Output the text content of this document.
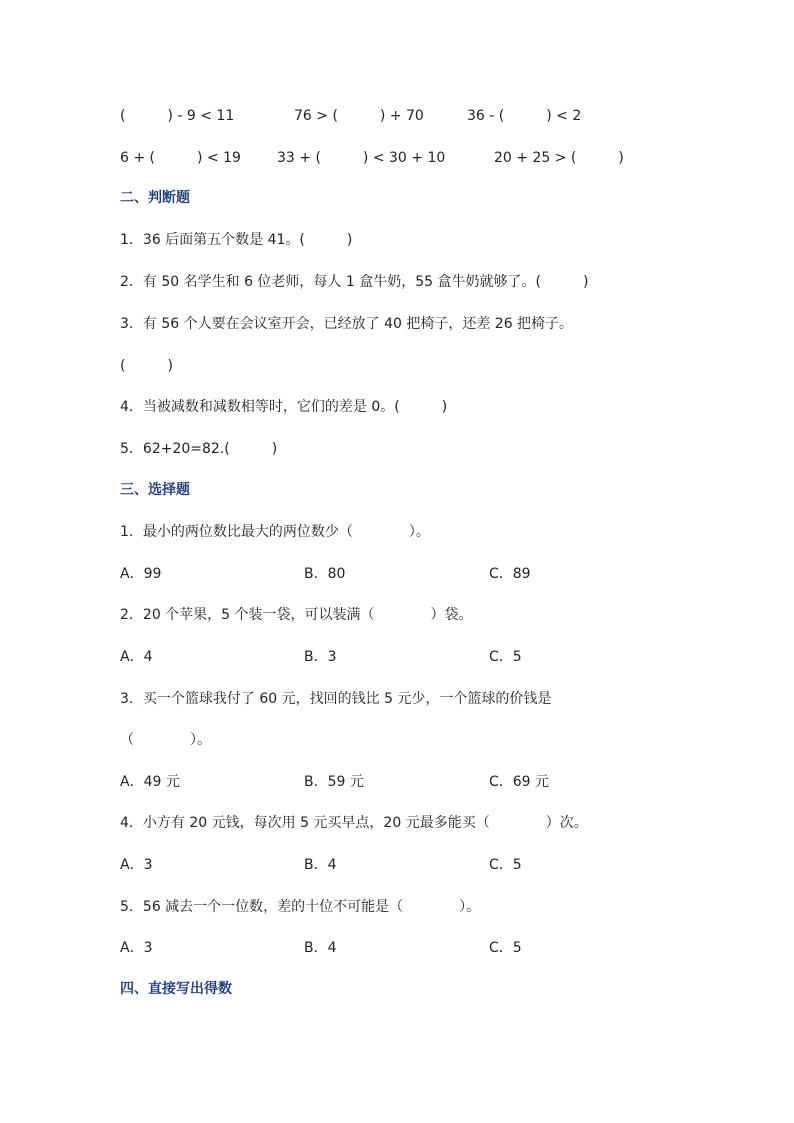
(　　　) - 9 < 11	76 > (　　　) + 70	36 - (　　　) < 2
6 + (　　　) < 19	33 + (　　　) < 30 + 10	20 + 25 > (　　　)
二、判断题
1．36 后面第五个数是 41。(　　　)
2．有 50 名学生和 6 位老师，每人 1 盒牛奶，55 盒牛奶就够了。(　　　)
3．有 56 个人要在会议室开会，已经放了 40 把椅子，还差 26 把椅子。
(　　　)
4．当被减数和减数相等时，它们的差是 0。(　　　)
5．62+20=82.(　　　)
三、选择题
1．最小的两位数比最大的两位数少（　　　　）。
A．99	B．80	C．89
2．20 个苹果，5 个装一袋，可以装满（　　　　）袋。
A．4	B．3	C．5
3．买一个篮球我付了 60 元，找回的钱比 5 元少，一个篮球的价钱是
（　　　　）。
A．49 元	B．59 元	C．69 元
4．小方有 20 元钱，每次用 5 元买早点，20 元最多能买（　　　　）次。
A．3	B．4	C．5
5．56 减去一个一位数，差的十位不可能是（　　　　）。
A．3	B．4	C．5
四、直接写出得数
